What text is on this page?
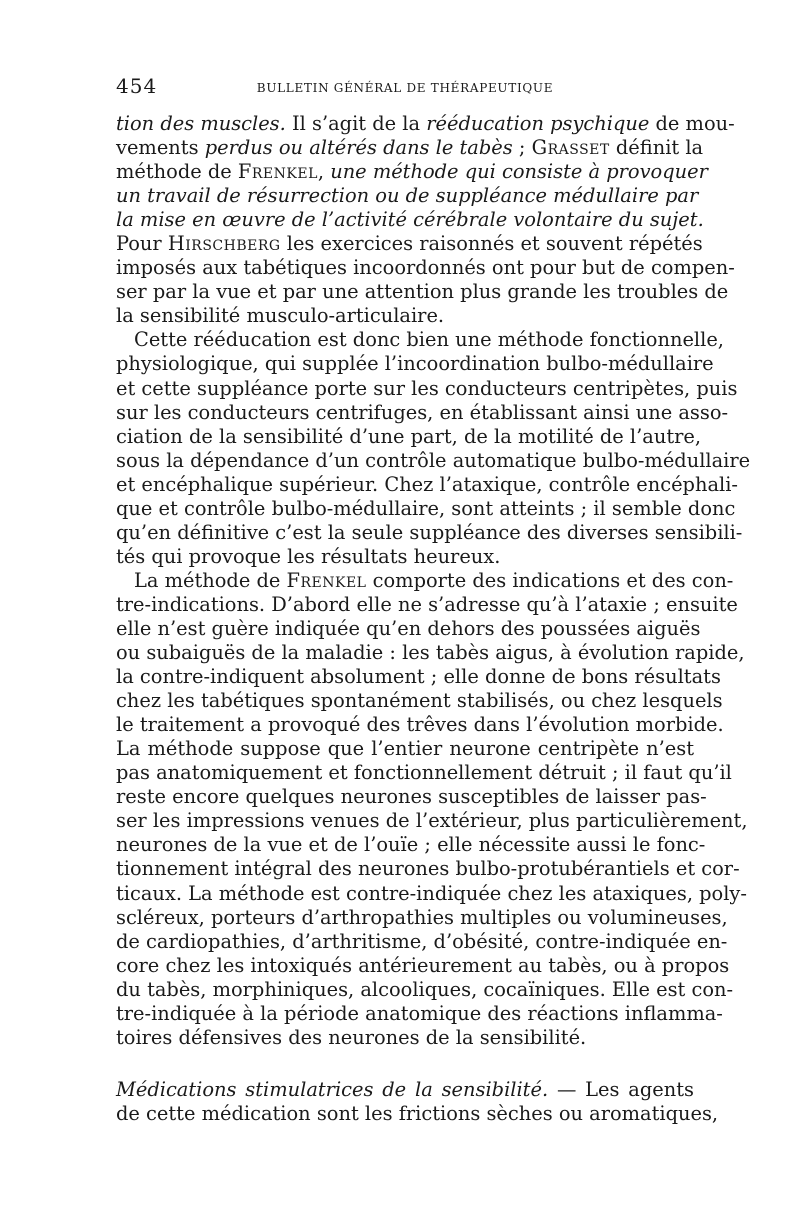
454	BULLETIN GÉNÉRAL DE THÉRAPEUTIQUE
tion des muscles. Il s’agit de la rééducation psychique de mou-
vements perdus ou altérés dans le tabès ; Grasset définit la
méthode de Frenkel, une méthode qui consiste à provoquer
un travail de résurrection ou de suppléance médullaire par
la mise en œuvre de l’activité cérébrale volontaire du sujet.
Pour Hirschberg les exercices raisonnés et souvent répétés
imposés aux tabétiques incoordonnés ont pour but de compen-
ser par la vue et par une attention plus grande les troubles de
la sensibilité musculo-articulaire.
Cette rééducation est donc bien une méthode fonctionnelle,
physiologique, qui supplée l’incoordination bulbo-médullaire
et cette suppléance porte sur les conducteurs centripètes, puis
sur les conducteurs centrifuges, en établissant ainsi une asso-
ciation de la sensibilité d’une part, de la motilité de l’autre,
sous la dépendance d’un contrôle automatique bulbo-médullaire
et encéphalique supérieur. Chez l’ataxique, contrôle encéphali-
que et contrôle bulbo-médullaire, sont atteints ; il semble donc
qu’en définitive c’est la seule suppléance des diverses sensibili-
tés qui provoque les résultats heureux.
La méthode de Frenkel comporte des indications et des con-
tre-indications. D’abord elle ne s’adresse qu’à l’ataxie ; ensuite
elle n’est guère indiquée qu’en dehors des poussées aiguës
ou subaiguës de la maladie : les tabès aigus, à évolution rapide,
la contre-indiquent absolument ; elle donne de bons résultats
chez les tabétiques spontanément stabilisés, ou chez lesquels
le traitement a provoqué des trêves dans l’évolution morbide.
La méthode suppose que l’entier neurone centripète n’est
pas anatomiquement et fonctionnellement détruit ; il faut qu’il
reste encore quelques neurones susceptibles de laisser pas-
ser les impressions venues de l’extérieur, plus particulièrement,
neurones de la vue et de l’ouïe ; elle nécessite aussi le fonc-
tionnement intégral des neurones bulbo-protubérantiels et cor-
ticaux. La méthode est contre-indiquée chez les ataxiques, poly-
scléreux, porteurs d’arthropathies multiples ou volumineuses,
de cardiopathies, d’arthritisme, d’obésité, contre-indiquée en-
core chez les intoxiqués antérieurement au tabès, ou à propos
du tabès, morphiniques, alcooliques, cocaïniques. Elle est con-
tre-indiquée à la période anatomique des réactions inflamma-
toires défensives des neurones de la sensibilité.
Médications stimulatrices de la sensibilité. — Les agents
de cette médication sont les frictions sèches ou aromatiques,
